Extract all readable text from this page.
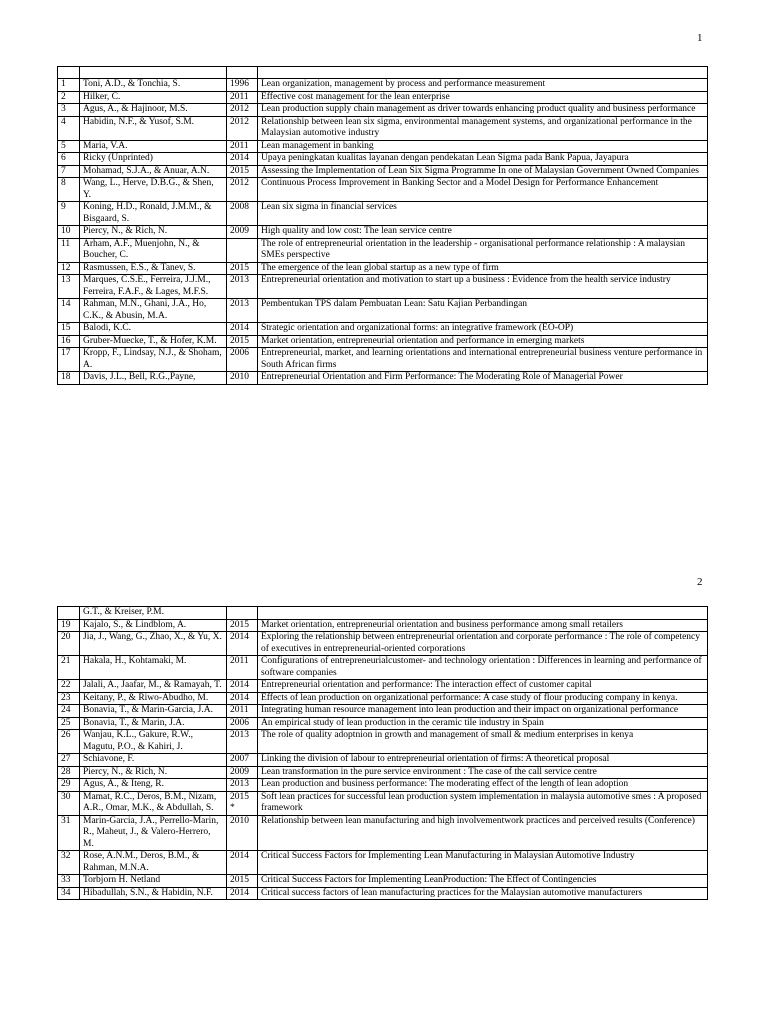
1

1	Toni, A.D., & Tonchia, S.	1996	Lean organization, management by process and performance measurement
2	Hilker, C.	2011	Effective cost management for the lean enterprise
3	Agus, A., & Hajinoor, M.S.	2012	Lean production supply chain management as driver towards enhancing product quality and business performance
4	Habidin, N.F., & Yusof, S.M.	2012	Relationship between lean six sigma, environmental management systems, and organizational performance in the Malaysian automotive industry
5	Maria, V.A.	2011	Lean management in banking
6	Ricky (Unprinted)	2014	Upaya peningkatan kualitas layanan dengan pendekatan Lean Sigma pada Bank Papua, Jayapura
7	Mohamad, S.J.A., & Anuar, A.N.	2015	Assessing the Implementation of Lean Six Sigma Programme In one of Malaysian Government Owned Companies
8	Wang, L., Herve, D.B.G., & Shen, Y.	2012	Continuous Process Improvement in Banking Sector and a Model Design for Performance Enhancement
9	Koning, H.D., Ronald, J.M.M., & Bisgaard, S.	2008	Lean six sigma in financial services
10	Piercy, N., & Rich, N.	2009	High quality and low cost: The lean service centre
11	Arham, A.F., Muenjohn, N., & Boucher, C.		The role of entrepreneurial orientation in the leadership - organisational performance relationship : A malaysian SMEs perspective
12	Rasmussen, E.S., & Tanev, S.	2015	The emergence of the lean global startup as a new type of firm
13	Marques, C.S.E., Ferreira, J.J.M., Ferreira, F.A.F., & Lages, M.F.S.	2013	Entrepreneurial orientation and motivation to start up a business : Evidence from the health service industry
14	Rahman, M.N., Ghani, J.A., Ho, C.K., & Abusin, M.A.	2013	Pembentukan TPS dalam Pembuatan Lean: Satu Kajian Perbandingan
15	Balodi, K.C.	2014	Strategic orientation and organizational forms: an integrative framework (EO-OP)
16	Gruber-Muecke, T., & Hofer, K.M.	2015	Market orientation, entrepreneurial orientation and performance in emerging markets
17	Kropp, F., Lindsay, N.J., & Shoham, A.	2006	Entrepreneurial, market, and learning orientations and international entrepreneurial business venture performance in South African firms
18	Davis, J.L., Bell, R.G.,Payne,	2010	Entrepreneurial Orientation and Firm Performance: The Moderating Role of Managerial Power
2
	G.T., & Kreiser, P.M.		
19	Kajalo, S., & Lindblom, A.	2015	Market orientation, entrepreneurial orientation and business performance among small retailers
20	Jia, J., Wang, G., Zhao, X., & Yu, X.	2014	Exploring the relationship between entrepreneurial orientation and corporate performance : The role of competency of executives in entrepreneurial-oriented corporations
21	Hakala, H., Kohtamaki, M.	2011	Configurations of entrepreneurialcustomer- and technology orientation : Differences in learning and performance of software companies
22	Jalali, A., Jaafar, M., & Ramayah, T.	2014	Entrepreneurial orientation and performance: The interaction effect of customer capital
23	Keitany, P., & Riwo-Abudho, M.	2014	Effects of lean production on organizational performance: A case study of flour producing company in kenya.
24	Bonavia, T., & Marin-Garcia, J.A.	2011	Integrating human resource management into lean production and their impact on organizational performance
25	Bonavia, T., & Marin, J.A.	2006	An empirical study of lean production in the ceramic tile industry in Spain
26	Wanjau, K.L., Gakure, R.W., Magutu, P.O., & Kahiri, J.	2013	The role of quality adoptnion in growth and management of small & medium enterprises in kenya
27	Schiavone, F.	2007	Linking the division of labour to entrepreneurial orientation of firms: A theoretical proposal
28	Piercy, N., & Rich, N.	2009	Lean transformation in the pure service environment : The case of the call service centre
29	Agus, A., & Iteng, R.	2013	Lean production and business performance: The moderating effect of the length of lean adoption
30	Mamat, R.C., Deros, B.M., Nizam, A.R., Omar, M.K., & Abdullah, S.	2015 *	Soft lean practices for successful lean production system implementation in malaysia automotive smes : A proposed framework
31	Marin-Garcia, J.A., Perrello-Marin, R., Maheut, J., & Valero-Herrero, M.	2010	Relationship between lean manufacturing and high involvementwork practices and perceived results (Conference)
32	Rose, A.N.M., Deros, B.M., & Rahman, M.N.A.	2014	Critical Success Factors for Implementing Lean Manufacturing in Malaysian Automotive Industry
33	Torbjorn H. Netland	2015	Critical Success Factors for Implementing LeanProduction: The Effect of Contingencies
34	Hibadullah, S.N., & Habidin, N.F.	2014	Critical success factors of lean manufacturing practices for the Malaysian automotive manufacturers
